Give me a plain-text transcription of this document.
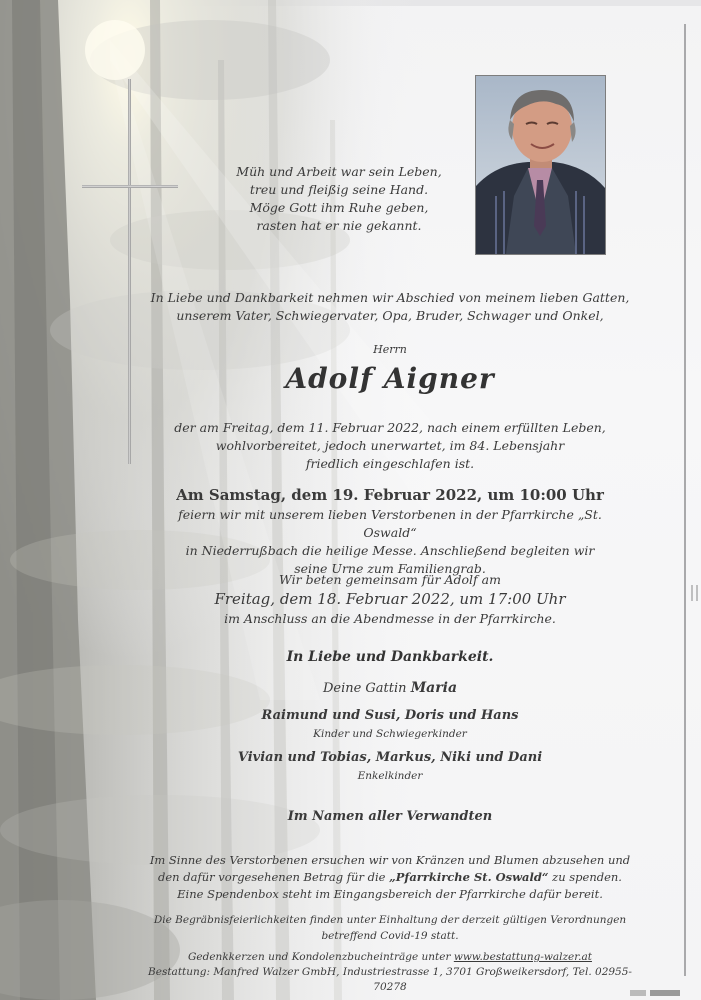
Müh und Arbeit war sein Leben,
treu und fleißig seine Hand.
Möge Gott ihm Ruhe geben,
rasten hat er nie gekannt.
In Liebe und Dankbarkeit nehmen wir Abschied von meinem lieben Gatten,
unserem Vater, Schwiegervater, Opa, Bruder, Schwager und Onkel,
Herrn
Adolf Aigner
der am Freitag, dem 11. Februar 2022, nach einem erfüllten Leben,
wohlvorbereitet, jedoch unerwartet, im 84. Lebensjahr
friedlich eingeschlafen ist.
Am Samstag, dem 19. Februar 2022, um 10:00 Uhr
feiern wir mit unserem lieben Verstorbenen in der Pfarrkirche „St. Oswald“
in Niederrußbach die heilige Messe. Anschließend begleiten wir
seine Urne zum Familiengrab.
Wir beten gemeinsam für Adolf am
Freitag, dem 18. Februar 2022, um 17:00 Uhr
im Anschluss an die Abendmesse in der Pfarrkirche.
In Liebe und Dankbarkeit.
Deine Gattin Maria
Raimund und Susi, Doris und Hans
Kinder und Schwiegerkinder
Vivian und Tobias, Markus, Niki und Dani
Enkelkinder
Im Namen aller Verwandten
Im Sinne des Verstorbenen ersuchen wir von Kränzen und Blumen abzusehen und
den dafür vorgesehenen Betrag für die „Pfarrkirche St. Oswald“ zu spenden.
Eine Spendenbox steht im Eingangsbereich der Pfarrkirche dafür bereit.
Die Begräbnisfeierlichkeiten finden unter Einhaltung der derzeit gültigen Verordnungen
betreffend Covid-19 statt.
Gedenkkerzen und Kondolenzbucheinträge unter www.bestattung-walzer.at
Bestattung: Manfred Walzer GmbH, Industriestrasse 1, 3701 Großweikersdorf, Tel. 02955-70278
